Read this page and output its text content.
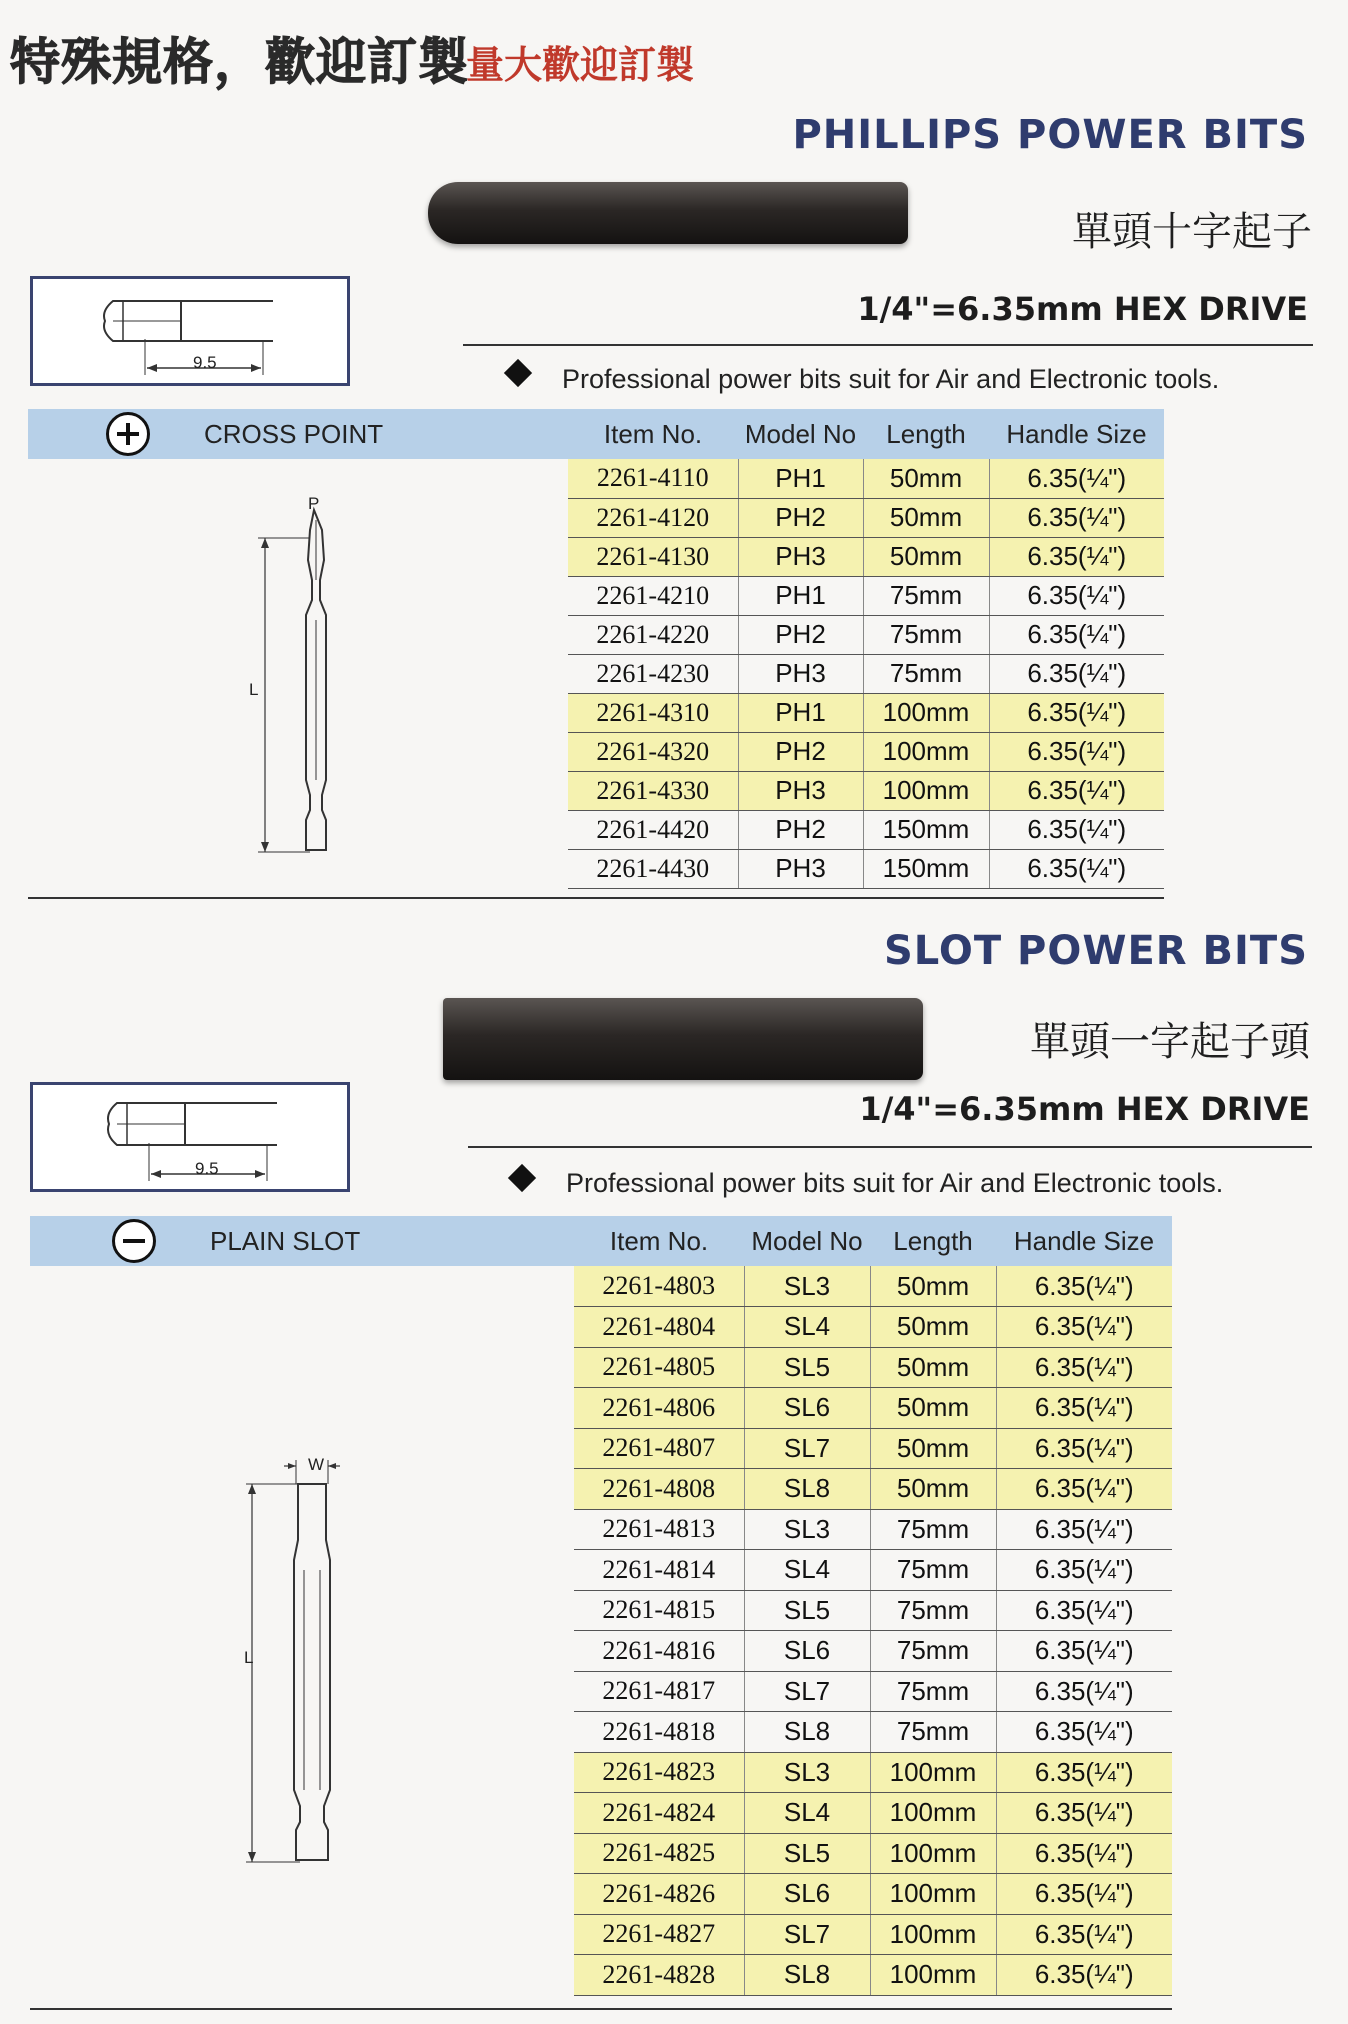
特殊規格，歡迎訂製
量大歡迎訂製
PHILLIPS POWER BITS
單頭十字起子
9.5
1/4"=6.35mm HEX DRIVE
Professional power bits suit for Air and Electronic tools.
CROSS POINT	Item No.	Model No	Length	Handle Size
2261-4110	PH1	50mm	6.35(¼")
2261-4120	PH2	50mm	6.35(¼")
2261-4130	PH3	50mm	6.35(¼")
2261-4210	PH1	75mm	6.35(¼")
2261-4220	PH2	75mm	6.35(¼")
2261-4230	PH3	75mm	6.35(¼")
2261-4310	PH1	100mm	6.35(¼")
2261-4320	PH2	100mm	6.35(¼")
2261-4330	PH3	100mm	6.35(¼")
2261-4420	PH2	150mm	6.35(¼")
2261-4430	PH3	150mm	6.35(¼")
P
L
SLOT POWER BITS
單頭一字起子頭
9.5
1/4"=6.35mm HEX DRIVE
Professional power bits suit for Air and Electronic tools.
PLAIN SLOT	Item No.	Model No	Length	Handle Size
2261-4803	SL3	50mm	6.35(¼")
2261-4804	SL4	50mm	6.35(¼")
2261-4805	SL5	50mm	6.35(¼")
2261-4806	SL6	50mm	6.35(¼")
2261-4807	SL7	50mm	6.35(¼")
2261-4808	SL8	50mm	6.35(¼")
2261-4813	SL3	75mm	6.35(¼")
2261-4814	SL4	75mm	6.35(¼")
2261-4815	SL5	75mm	6.35(¼")
2261-4816	SL6	75mm	6.35(¼")
2261-4817	SL7	75mm	6.35(¼")
2261-4818	SL8	75mm	6.35(¼")
2261-4823	SL3	100mm	6.35(¼")
2261-4824	SL4	100mm	6.35(¼")
2261-4825	SL5	100mm	6.35(¼")
2261-4826	SL6	100mm	6.35(¼")
2261-4827	SL7	100mm	6.35(¼")
2261-4828	SL8	100mm	6.35(¼")
W
L
